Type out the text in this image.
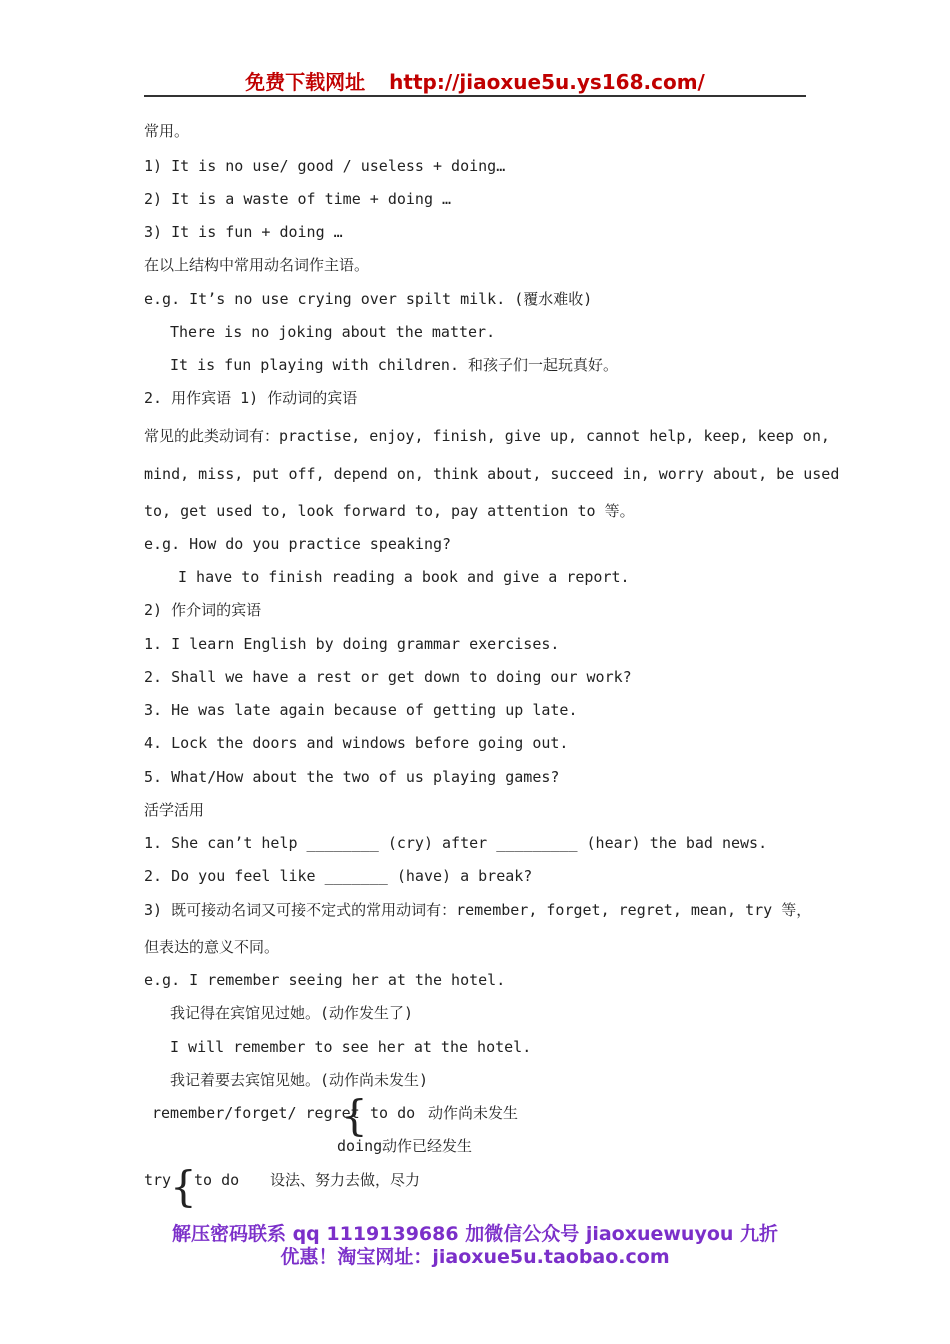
免费下载网址 http://jiaoxue5u.ys168.com/
常用。
1) It is no use/ good / useless + doing…
2) It is a waste of time + doing …
3) It is fun + doing …
在以上结构中常用动名词作主语。
e.g. It’s no use crying over spilt milk. (覆水难收)
There is no joking about the matter.
It is fun playing with children. 和孩子们一起玩真好。
2. 用作宾语 1) 作动词的宾语
常见的此类动词有：practise, enjoy, finish, give up, cannot help, keep, keep on,
mind, miss, put off, depend on, think about, succeed in, worry about, be used
to, get used to, look forward to, pay attention to 等。
e.g. How do you practice speaking?
I have to finish reading a book and give a report.
2) 作介词的宾语
1. I learn English by doing grammar exercises.
2. Shall we have a rest or get down to doing our work?
3. He was late again because of getting up late.
4. Lock the doors and windows before going out.
5. What/How about the two of us playing games?
活学活用
1. She can’t help ________ (cry) after _________ (hear) the bad news.
2. Do you feel like _______ (have) a break?
3) 既可接动名词又可接不定式的常用动词有：remember, forget, regret, mean, try 等，
但表达的意义不同。
e.g. I remember seeing her at the hotel.
我记得在宾馆见过她。(动作发生了)
I will remember to see her at the hotel.
我记着要去宾馆见她。(动作尚未发生)
remember/forget/ regret
{ to do 动作尚未发生
doing 动作已经发生
try
{
to do 设法、努力去做，尽力
解压密码联系 qq 1119139686 加微信公众号 jiaoxuewuyou 九折
优惠！淘宝网址：jiaoxue5u.taobao.com
